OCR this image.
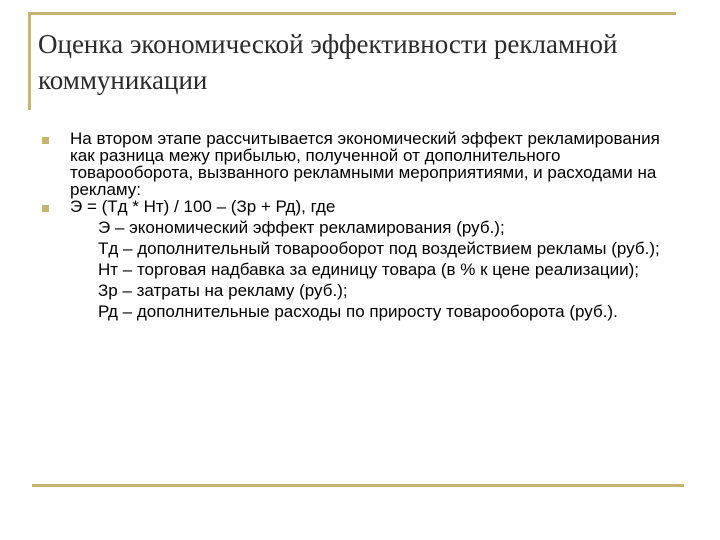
Оценка экономической эффективности рекламной коммуникации
На втором этапе рассчитывается экономический эффект рекламирования как разница межу прибылью, полученной от дополнительного товарооборота, вызванного рекламными мероприятиями, и расходами на рекламу:
Э = (Тд * Нт) / 100 – (Зр + Рд), где
Э – экономический эффект рекламирования (руб.);
Тд – дополнительный товарооборот под воздействием рекламы (руб.);
Нт – торговая надбавка за единицу товара (в % к цене реализации);
Зр – затраты на рекламу (руб.);
Рд – дополнительные расходы по приросту товарооборота (руб.).
